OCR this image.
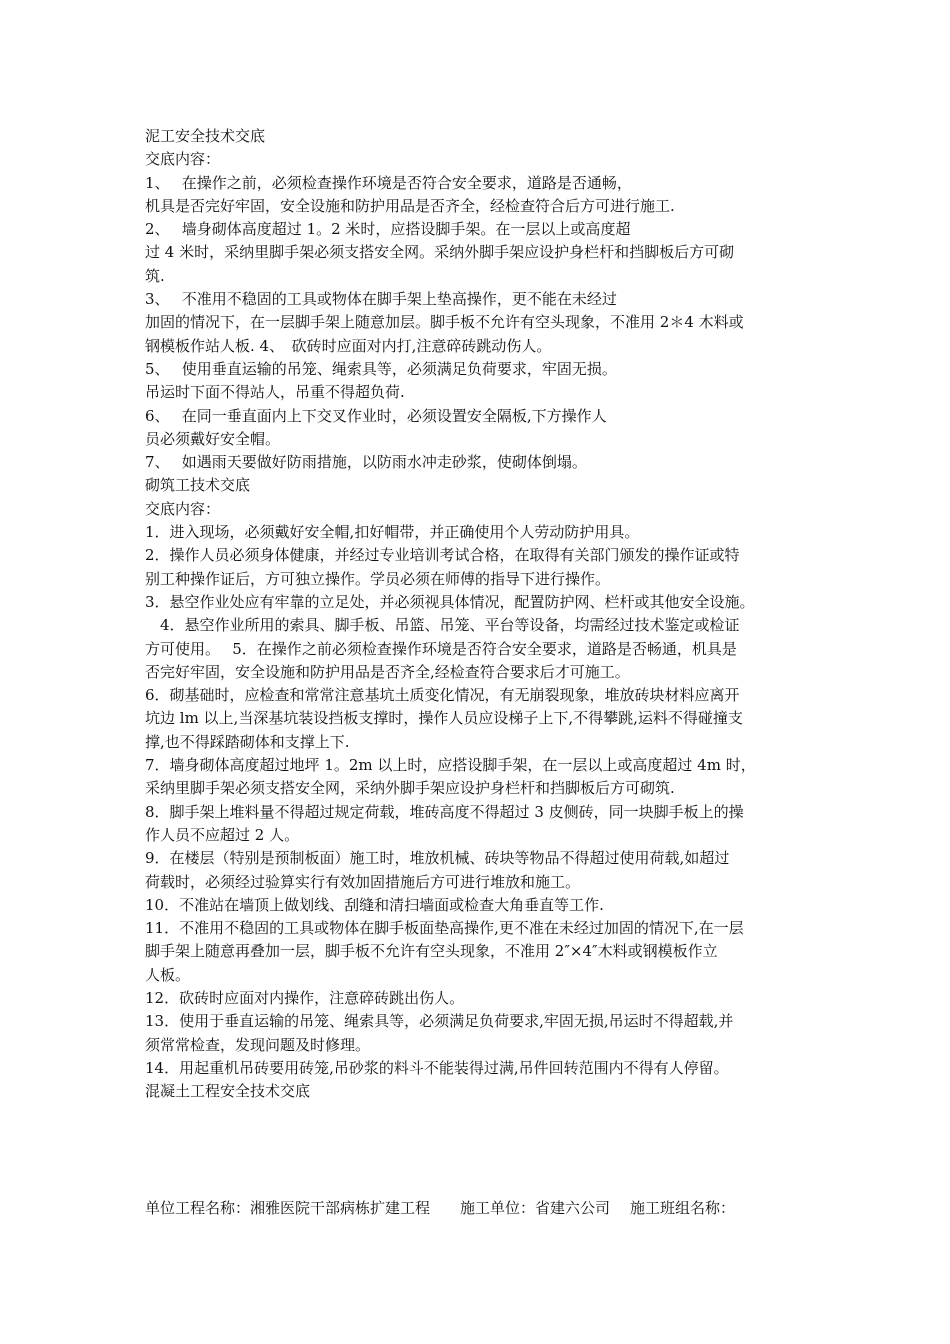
泥工安全技术交底
交底内容：
1、　 在操作之前，必须检查操作环境是否符合安全要求，道路是否通畅，
机具是否完好牢固，安全设施和防护用品是否齐全，经检查符合后方可进行施工.
2、　 墙身砌体高度超过 1。2 米时，应搭设脚手架。在一层以上或高度超
过 4 米时，采纳里脚手架必须支搭安全网。采纳外脚手架应设护身栏杆和挡脚板后方可砌
筑.
3、　 不准用不稳固的工具或物体在脚手架上垫高操作，更不能在未经过
加固的情况下，在一层脚手架上随意加层。脚手板不允许有空头现象，不准用 2＊4 木料或
钢模板作站人板. 4、　砍砖时应面对内打,注意碎砖跳动伤人。
5、　 使用垂直运输的吊笼、绳索具等，必须满足负荷要求，牢固无损。
吊运时下面不得站人，吊重不得超负荷.
6、　 在同一垂直面内上下交叉作业时，必须设置安全隔板,下方操作人
员必须戴好安全帽。
7、　 如遇雨天要做好防雨措施，以防雨水冲走砂浆，使砌体倒塌。
砌筑工技术交底
交底内容：
1．进入现场，必须戴好安全帽,扣好帽带，并正确使用个人劳动防护用具。
2．操作人员必须身体健康，并经过专业培训考试合格，在取得有关部门颁发的操作证或特
别工种操作证后，方可独立操作。学员必须在师傅的指导下进行操作。
3．悬空作业处应有牢靠的立足处，并必须视具体情况，配置防护网、栏杆或其他安全设施。
　4．悬空作业所用的索具、脚手板、吊篮、吊笼、平台等设备，均需经过技术鉴定或检证
方可使用。　 5．在操作之前必须检查操作环境是否符合安全要求，道路是否畅通，机具是
否完好牢固，安全设施和防护用品是否齐全,经检查符合要求后才可施工。
6．砌基础时，应检查和常常注意基坑土质变化情况，有无崩裂现象，堆放砖块材料应离开
坑边 lm 以上,当深基坑装设挡板支撑时，操作人员应设梯子上下,不得攀跳,运料不得碰撞支
撑,也不得踩踏砌体和支撑上下.
7．墙身砌体高度超过地坪 1。2m 以上时，应搭设脚手架，在一层以上或高度超过 4m 时，
采纳里脚手架必须支搭安全网，采纳外脚手架应设护身栏杆和挡脚板后方可砌筑.
8．脚手架上堆料量不得超过规定荷载，堆砖高度不得超过 3 皮侧砖，同一块脚手板上的操
作人员不应超过 2 人。
9．在楼层（特别是预制板面）施工时，堆放机械、砖块等物品不得超过使用荷载,如超过
荷载时，必须经过验算实行有效加固措施后方可进行堆放和施工。
10．不准站在墙顶上做划线、刮缝和清扫墙面或检查大角垂直等工作.
11．不准用不稳固的工具或物体在脚手板面垫高操作,更不准在未经过加固的情况下,在一层
脚手架上随意再叠加一层，脚手板不允许有空头现象，不准用 2″×4″木料或钢模板作立
人板。
12．砍砖时应面对内操作，注意碎砖跳出伤人。
13．使用于垂直运输的吊笼、绳索具等，必须满足负荷要求,牢固无损,吊运时不得超载,并
须常常检查，发现问题及时修理。
14．用起重机吊砖要用砖笼,吊砂浆的料斗不能装得过满,吊件回转范围内不得有人停留。
混凝土工程安全技术交底
单位工程名称：湘雅医院干部病栋扩建工程 施工单位：省建六公司 施工班组名称：
